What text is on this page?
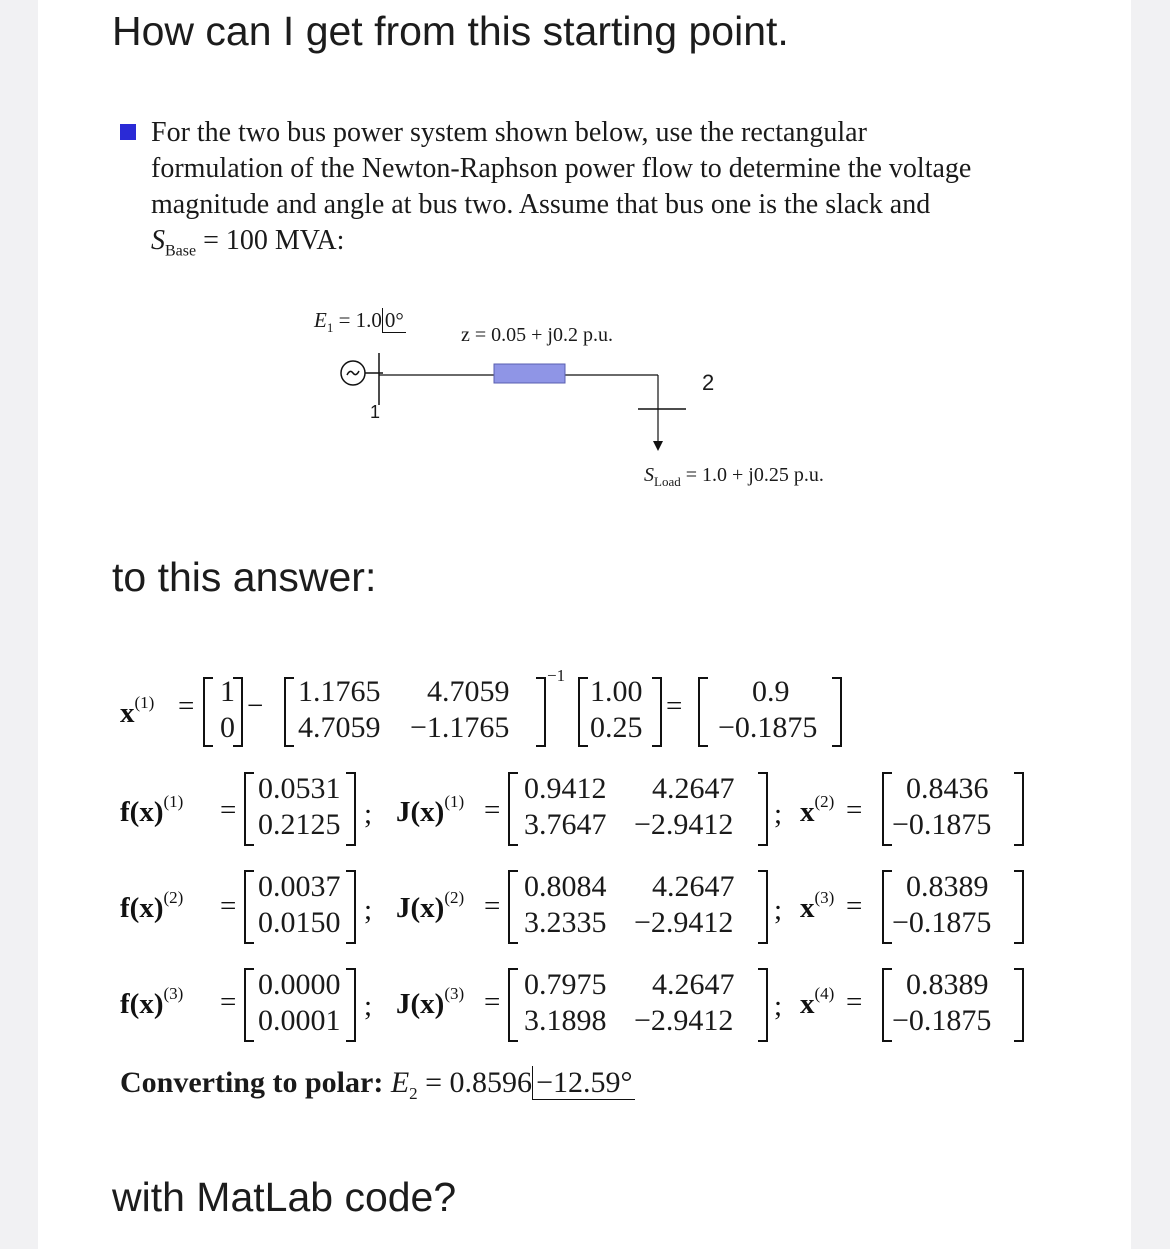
How can I get from this starting point.
For the two bus power system shown below, use the rectangular
formulation of the Newton-Raphson power flow to determine the voltage
magnitude and angle at bus two. Assume that bus one is the slack and
$S_{Base} = 100$ MVA:
$E_1 = 1.0$ 0°
z = 0.05 + j0.2 p.u.
1
2
$S_{Load} = 1.0 + j0.25$ p.u.
to this answer:
$x^{(1)} = 1$
0
− 1.1765 4.7059
4.7059 −1.1765
−1 1.00
0.25
= 0.9
−0.1875
$f(x)^{(1)}$ =
0.0531
0.2125 ; $J(x)^{(1)}$ =
0.9412 4.2647
3.7647 −2.9412 ; $x^{(2)}$ =
0.8436
−0.1875
$f(x)^{(2)}$ =
0.0037
0.0150 ; $J(x)^{(2)}$ =
0.8084 4.2647
3.2335 −2.9412 ; $x^{(3)}$ =
0.8389
−0.1875
$f(x)^{(3)}$ =
0.0000
0.0001 ; $J(x)^{(3)}$ =
0.7975 4.2647
3.1898 −2.9412 ; $x^{(4)}$ =
0.8389
−0.1875
Converting to polar: $E_2 = 0.8596 -12.59^\circ$
with MatLab code?
